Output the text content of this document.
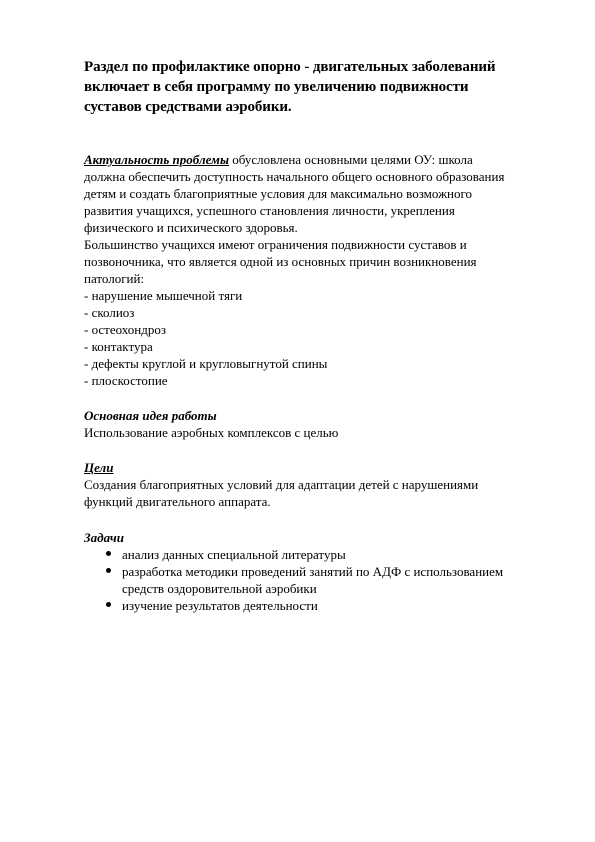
Раздел по профилактике опорно - двигательных заболеваний
включает в себя программу по увеличению подвижности
суставов средствами аэробики.
Актуальность проблемы обусловлена основными целями ОУ: школа
должна обеспечить доступность начального общего основного образования
детям и создать благоприятные условия для максимально возможного
развития учащихся, успешного становления личности, укрепления
физического и психического здоровья.
Большинство учащихся имеют ограничения подвижности суставов и
позвоночника, что является одной из основных причин возникновения
патологий:
- нарушение мышечной тяги
- сколиоз
- остеохондроз
- контактура
- дефекты круглой и кругловыгнутой спины
- плоскостопие
Основная идея работы
Использование аэробных комплексов с целью
Цели
Создания благоприятных условий для адаптации детей с нарушениями
функций двигательного аппарата.
Задачи
анализ данных специальной литературы
разработка методики проведений занятий по АДФ с использованием
средств оздоровительной аэробики
изучение результатов деятельности
